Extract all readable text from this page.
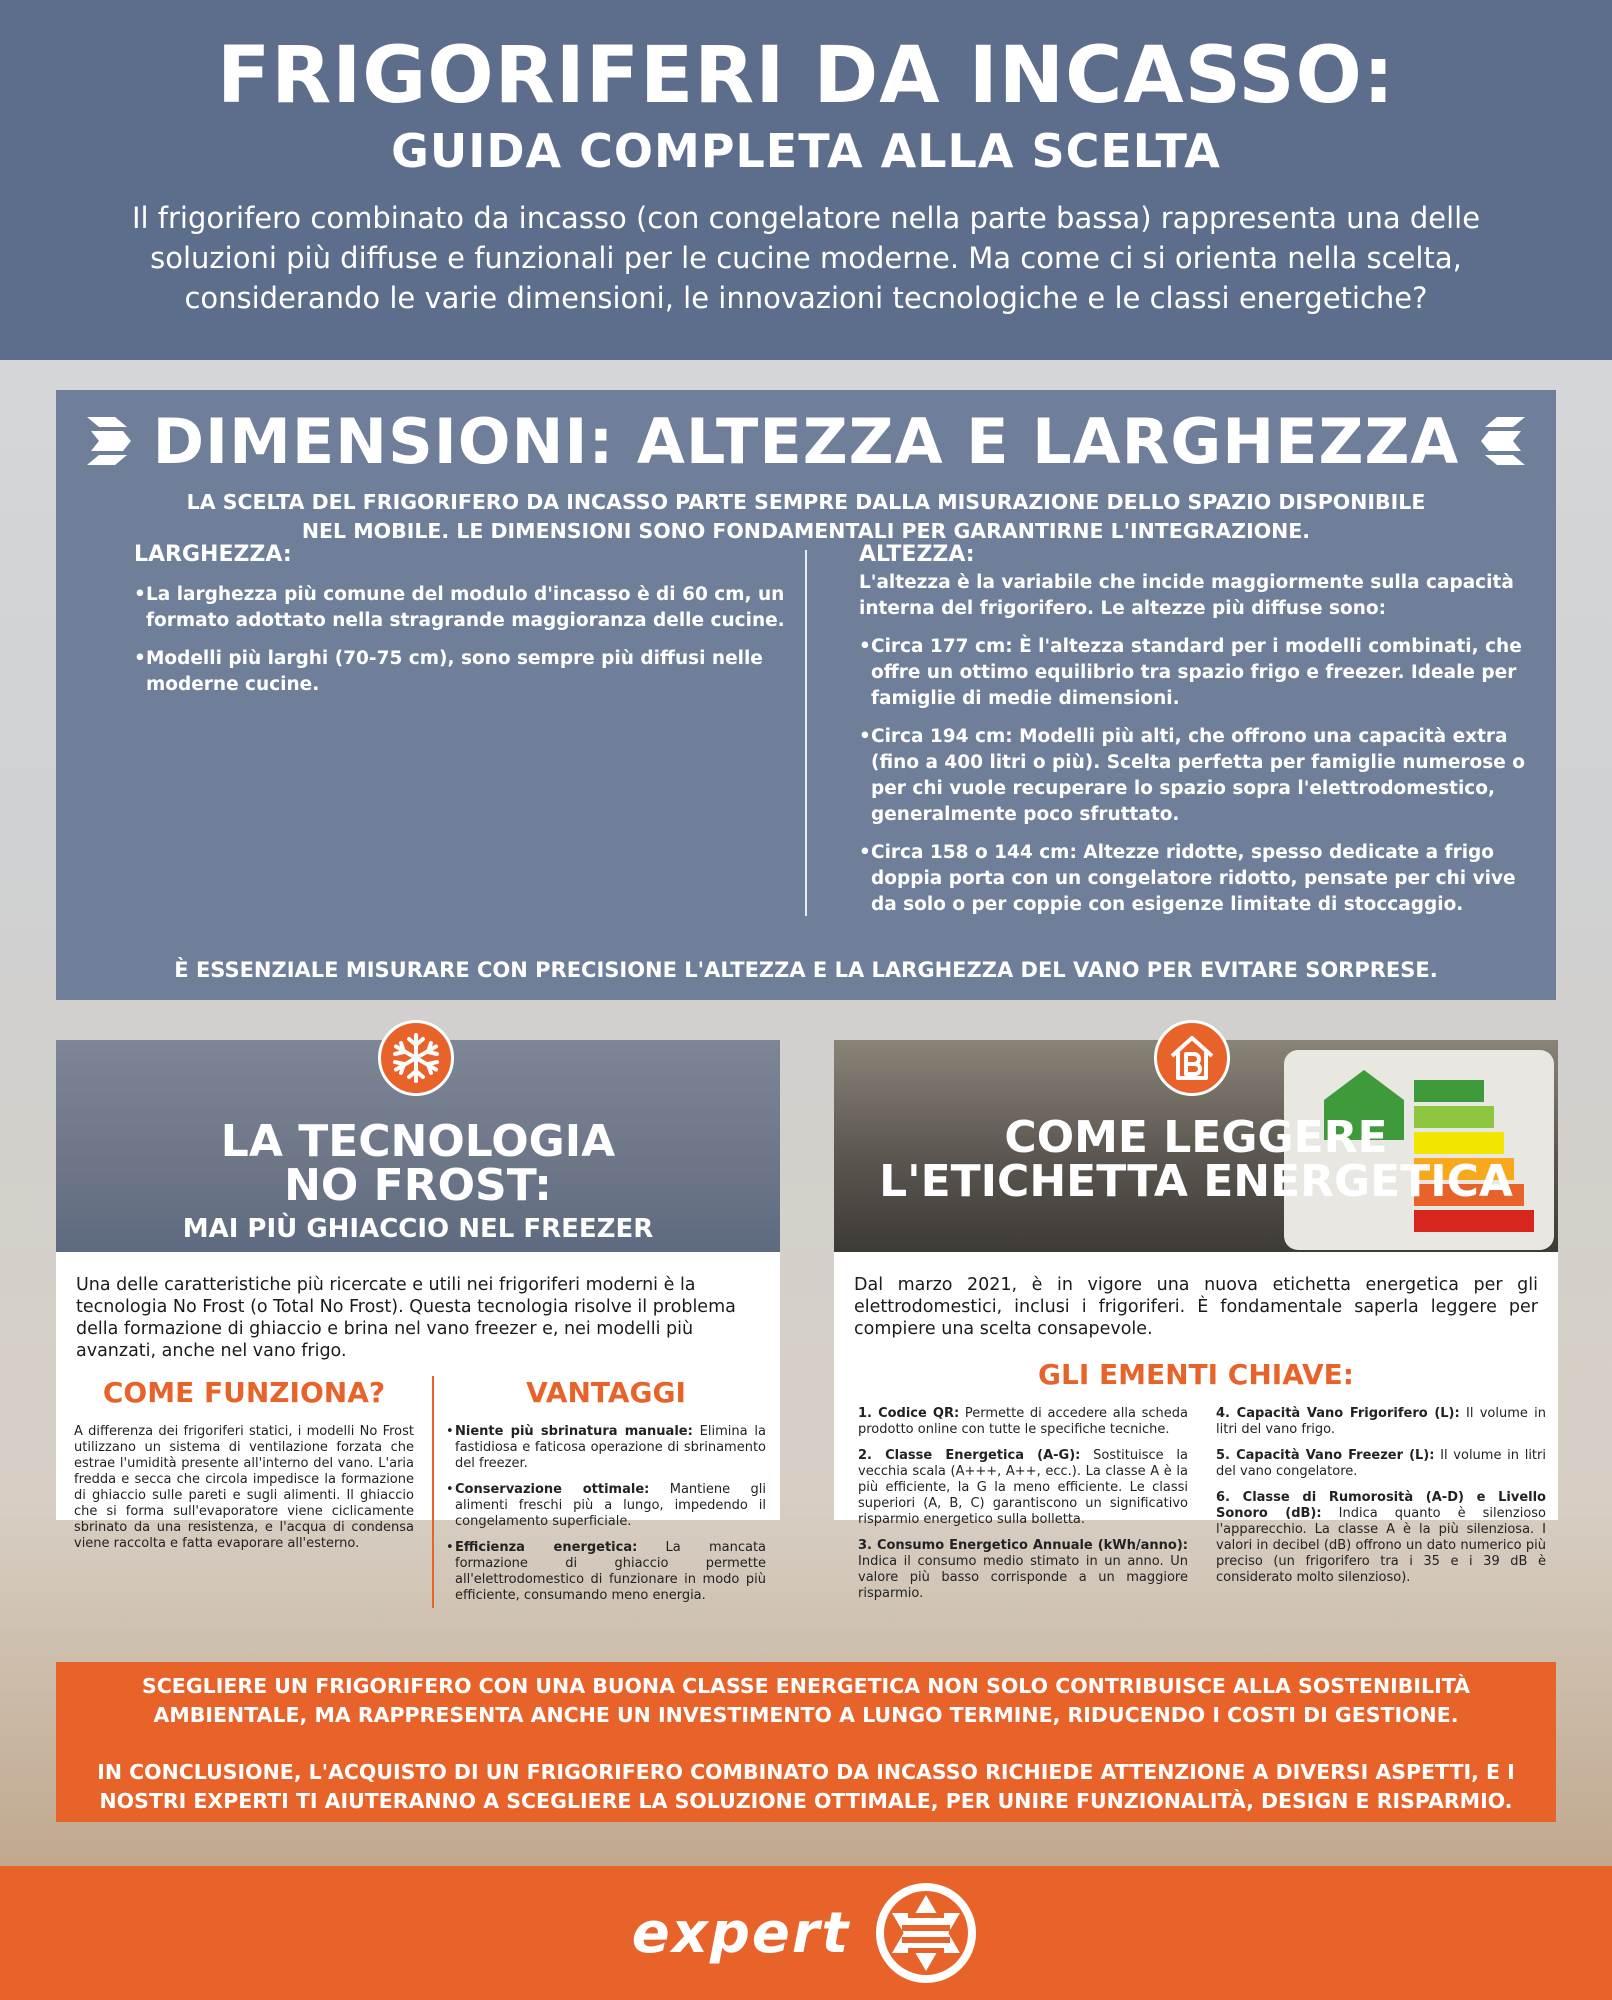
FRIGORIFERI DA INCASSO:
GUIDA COMPLETA ALLA SCELTA
Il frigorifero combinato da incasso (con congelatore nella parte bassa) rappresenta una delle soluzioni più diffuse e funzionali per le cucine moderne. Ma come ci si orienta nella scelta, considerando le varie dimensioni, le innovazioni tecnologiche e le classi energetiche?
DIMENSIONI: ALTEZZA E LARGHEZZA
LA SCELTA DEL FRIGORIFERO DA INCASSO PARTE SEMPRE DALLA MISURAZIONE DELLO SPAZIO DISPONIBILE
NEL MOBILE. LE DIMENSIONI SONO FONDAMENTALI PER GARANTIRNE L'INTEGRAZIONE.
LARGHEZZA:
• La larghezza più comune del modulo d'incasso è di 60 cm, un formato adottato nella stragrande maggioranza delle cucine.
• Modelli più larghi (70-75 cm), sono sempre più diffusi nelle moderne cucine.
ALTEZZA:

L'altezza è la variabile che incide maggiormente sulla capacità interna del frigorifero. Le altezze più diffuse sono:

• Circa 177 cm: È l'altezza standard per i modelli combinati, che offre un ottimo equilibrio tra spazio frigo e freezer. Ideale per famiglie di medie dimensioni.
• Circa 194 cm: Modelli più alti, che offrono una capacità extra (fino a 400 litri o più). Scelta perfetta per famiglie numerose o per chi vuole recuperare lo spazio sopra l'elettrodomestico, generalmente poco sfruttato.
• Circa 158 o 144 cm: Altezze ridotte, spesso dedicate a frigo doppia porta con un congelatore ridotto, pensate per chi vive da solo o per coppie con esigenze limitate di stoccaggio.
È ESSENZIALE MISURARE CON PRECISIONE L'ALTEZZA E LA LARGHEZZA DEL VANO PER EVITARE SORPRESE.
LA TECNOLOGIA
NO FROST:
MAI PIÙ GHIACCIO NEL FREEZER
Una delle caratteristiche più ricercate e utili nei frigoriferi moderni è la tecnologia No Frost (o Total No Frost). Questa tecnologia risolve il problema della formazione di ghiaccio e brina nel vano freezer e, nei modelli più avanzati, anche nel vano frigo.
COME FUNZIONA?
A differenza dei frigoriferi statici, i modelli No Frost utilizzano un sistema di ventilazione forzata che estrae l'umidità presente all'interno del vano. L'aria fredda e secca che circola impedisce la formazione di ghiaccio sulle pareti e sugli alimenti. Il ghiaccio che si forma sull'evaporatore viene ciclicamente sbrinato da una resistenza, e l'acqua di condensa viene raccolta e fatta evaporare all'esterno.
VANTAGGI
• Niente più sbrinatura manuale: Elimina la fastidiosa e faticosa operazione di sbrinamento del freezer.
• Conservazione ottimale: Mantiene gli alimenti freschi più a lungo, impedendo il congelamento superficiale.
• Efficienza energetica: La mancata formazione di ghiaccio permette all'elettrodomestico di funzionare in modo più efficiente, consumando meno energia.
COME LEGGERE
L'ETICHETTA ENERGETICA
Dal marzo 2021, è in vigore una nuova etichetta energetica per gli elettrodomestici, inclusi i frigoriferi. È fondamentale saperla leggere per compiere una scelta consapevole.
GLI EMENTI CHIAVE:
1. Codice QR: Permette di accedere alla scheda prodotto online con tutte le specifiche tecniche.
2. Classe Energetica (A-G): Sostituisce la vecchia scala (A+++, A++, ecc.). La classe A è la più efficiente, la G la meno efficiente. Le classi superiori (A, B, C) garantiscono un significativo risparmio energetico sulla bolletta.
3. Consumo Energetico Annuale (kWh/anno): Indica il consumo medio stimato in un anno. Un valore più basso corrisponde a un maggiore risparmio.
4. Capacità Vano Frigorifero (L): Il volume in litri del vano frigo.
5. Capacità Vano Freezer (L): Il volume in litri del vano congelatore.
6. Classe di Rumorosità (A-D) e Livello Sonoro (dB): Indica quanto è silenzioso l'apparecchio. La classe A è la più silenziosa. I valori in decibel (dB) offrono un dato numerico più preciso (un frigorifero tra i 35 e i 39 dB è considerato molto silenzioso).
SCEGLIERE UN FRIGORIFERO CON UNA BUONA CLASSE ENERGETICA NON SOLO CONTRIBUISCE ALLA SOSTENIBILITÀ
AMBIENTALE, MA RAPPRESENTA ANCHE UN INVESTIMENTO A LUNGO TERMINE, RIDUCENDO I COSTI DI GESTIONE.
IN CONCLUSIONE, L'ACQUISTO DI UN FRIGORIFERO COMBINATO DA INCASSO RICHIEDE ATTENZIONE A DIVERSI ASPETTI, E I
NOSTRI EXPERTI TI AIUTERANNO A SCEGLIERE LA SOLUZIONE OTTIMALE, PER UNIRE FUNZIONALITÀ, DESIGN E RISPARMIO.
expert
